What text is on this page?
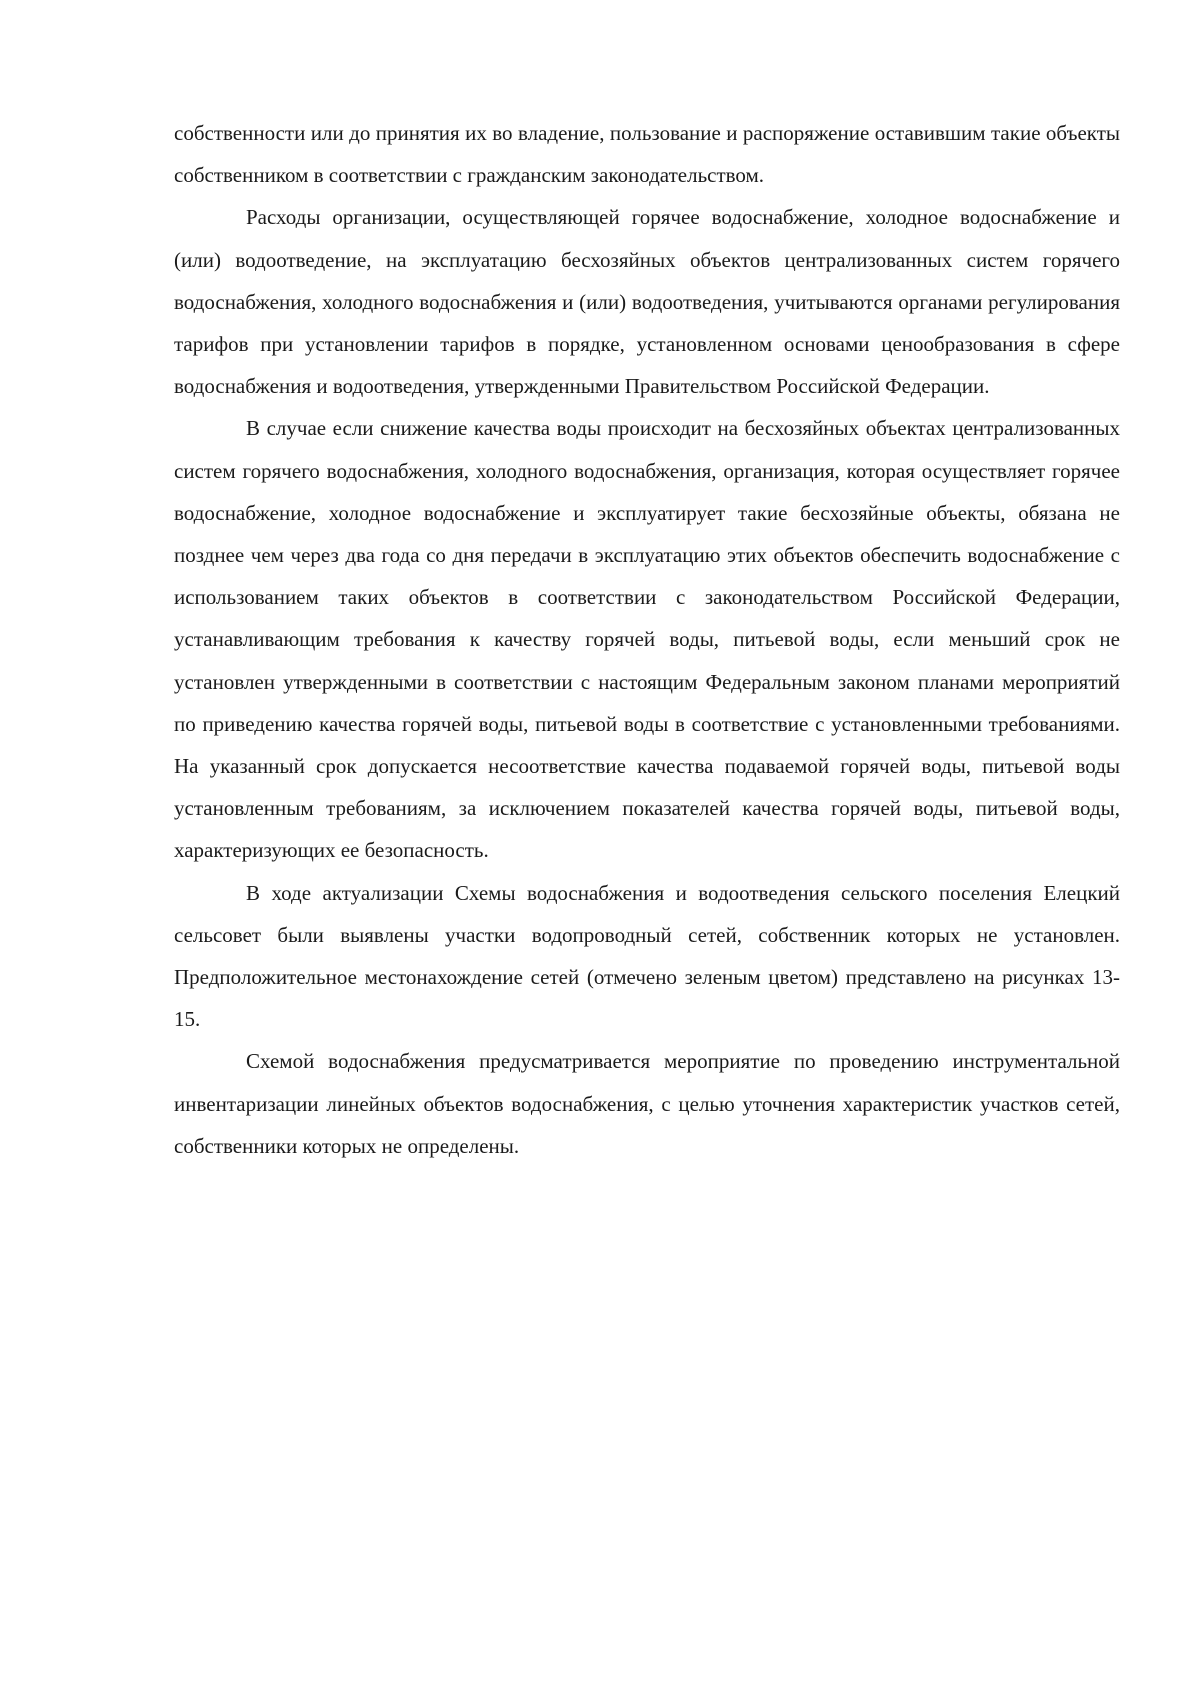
собственности или до принятия их во владение, пользование и распоряжение оставившим такие объекты собственником в соответствии с гражданским законодательством.

Расходы организации, осуществляющей горячее водоснабжение, холодное водоснабжение и (или) водоотведение, на эксплуатацию бесхозяйных объектов централизованных систем горячего водоснабжения, холодного водоснабжения и (или) водоотведения, учитываются органами регулирования тарифов при установлении тарифов в порядке, установленном основами ценообразования в сфере водоснабжения и водоотведения, утвержденными Правительством Российской Федерации.

В случае если снижение качества воды происходит на бесхозяйных объектах централизованных систем горячего водоснабжения, холодного водоснабжения, организация, которая осуществляет горячее водоснабжение, холодное водоснабжение и эксплуатирует такие бесхозяйные объекты, обязана не позднее чем через два года со дня передачи в эксплуатацию этих объектов обеспечить водоснабжение с использованием таких объектов в соответствии с законодательством Российской Федерации, устанавливающим требования к качеству горячей воды, питьевой воды, если меньший срок не установлен утвержденными в соответствии с настоящим Федеральным законом планами мероприятий по приведению качества горячей воды, питьевой воды в соответствие с установленными требованиями. На указанный срок допускается несоответствие качества подаваемой горячей воды, питьевой воды установленным требованиям, за исключением показателей качества горячей воды, питьевой воды, характеризующих ее безопасность.

В ходе актуализации Схемы водоснабжения и водоотведения сельского поселения Елецкий сельсовет были выявлены участки водопроводный сетей, собственник которых не установлен. Предположительное местонахождение сетей (отмечено зеленым цветом) представлено на рисунках 13-15.

Схемой водоснабжения предусматривается мероприятие по проведению инструментальной инвентаризации линейных объектов водоснабжения, с целью уточнения характеристик участков сетей, собственники которых не определены.
